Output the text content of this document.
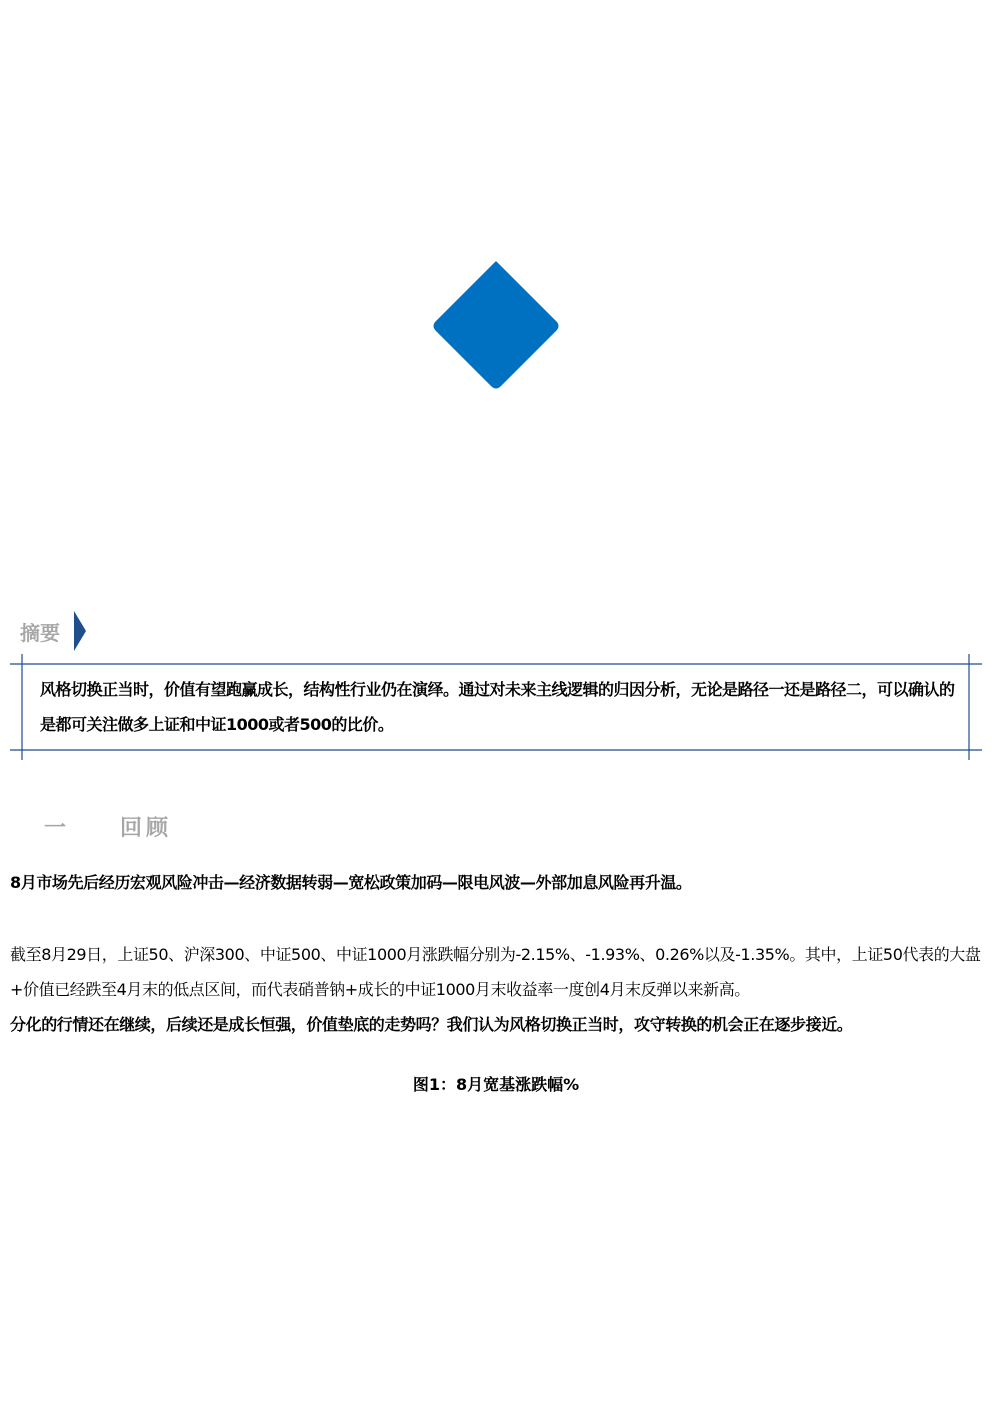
摘要
风格切换正当时，价值有望跑赢成长，结构性行业仍在演绎。通过对未来主线逻辑的归因分析，无论是路径一还是路径二，可以确认的是都可关注做多上证和中证1000或者500的比价。
一	回顾
8月市场先后经历宏观风险冲击—经济数据转弱—宽松政策加码—限电风波—外部加息风险再升温。
截至8月29日，上证50、沪深300、中证500、中证1000月涨跌幅分别为-2.15%、-1.93%、0.26%以及-1.35%。其中，上证50代表的大盘+价值已经跌至4月末的低点区间，而代表硝普钠+成长的中证1000月末收益率一度创4月末反弹以来新高。
分化的行情还在继续，后续还是成长恒强，价值垫底的走势吗？我们认为风格切换正当时，攻守转换的机会正在逐步接近。
图1：8月宽基涨跌幅%
